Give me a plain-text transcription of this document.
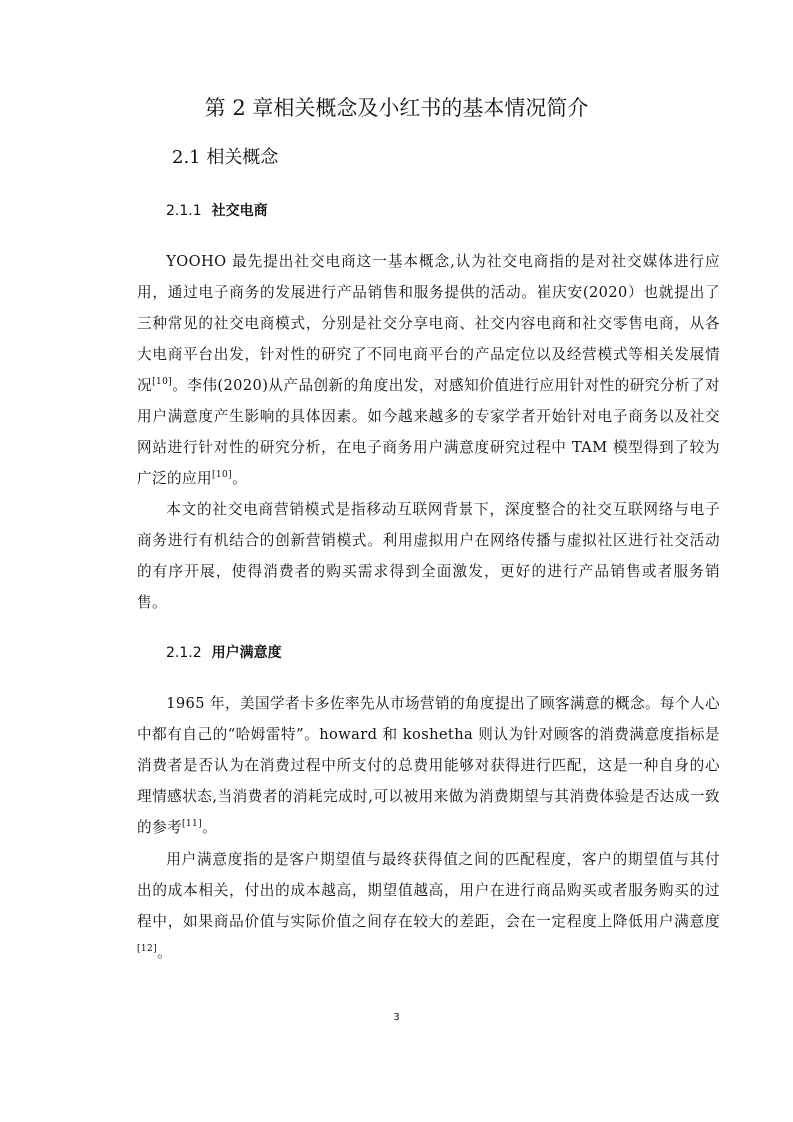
第 2 章相关概念及小红书的基本情况简介
2.1 相关概念
2.1.1 社交电商

YOOHO 最先提出社交电商这一基本概念,认为社交电商指的是对社交媒体进行应用，通过电子商务的发展进行产品销售和服务提供的活动。崔庆安(2020）也就提出了三种常见的社交电商模式，分别是社交分享电商、社交内容电商和社交零售电商，从各大电商平台出发，针对性的研究了不同电商平台的产品定位以及经营模式等相关发展情况[10]。李伟(2020)从产品创新的角度出发，对感知价值进行应用针对性的研究分析了对用户满意度产生影响的具体因素。如今越来越多的专家学者开始针对电子商务以及社交网站进行针对性的研究分析，在电子商务用户满意度研究过程中 TAM 模型得到了较为广泛的应用[10]。

本文的社交电商营销模式是指移动互联网背景下，深度整合的社交互联网络与电子商务进行有机结合的创新营销模式。利用虚拟用户在网络传播与虚拟社区进行社交活动的有序开展，使得消费者的购买需求得到全面激发，更好的进行产品销售或者服务销售。

2.1.2 用户满意度

1965 年，美国学者卡多佐率先从市场营销的角度提出了顾客满意的概念。每个人心中都有自己的“哈姆雷特”。howard 和 koshetha 则认为针对顾客的消费满意度指标是消费者是否认为在消费过程中所支付的总费用能够对获得进行匹配，这是一种自身的心理情感状态,当消费者的消耗完成时,可以被用来做为消费期望与其消费体验是否达成一致的参考[11]。

用户满意度指的是客户期望值与最终获得值之间的匹配程度，客户的期望值与其付出的成本相关，付出的成本越高，期望值越高，用户在进行商品购买或者服务购买的过程中，如果商品价值与实际价值之间存在较大的差距，会在一定程度上降低用户满意度[12]。

3
